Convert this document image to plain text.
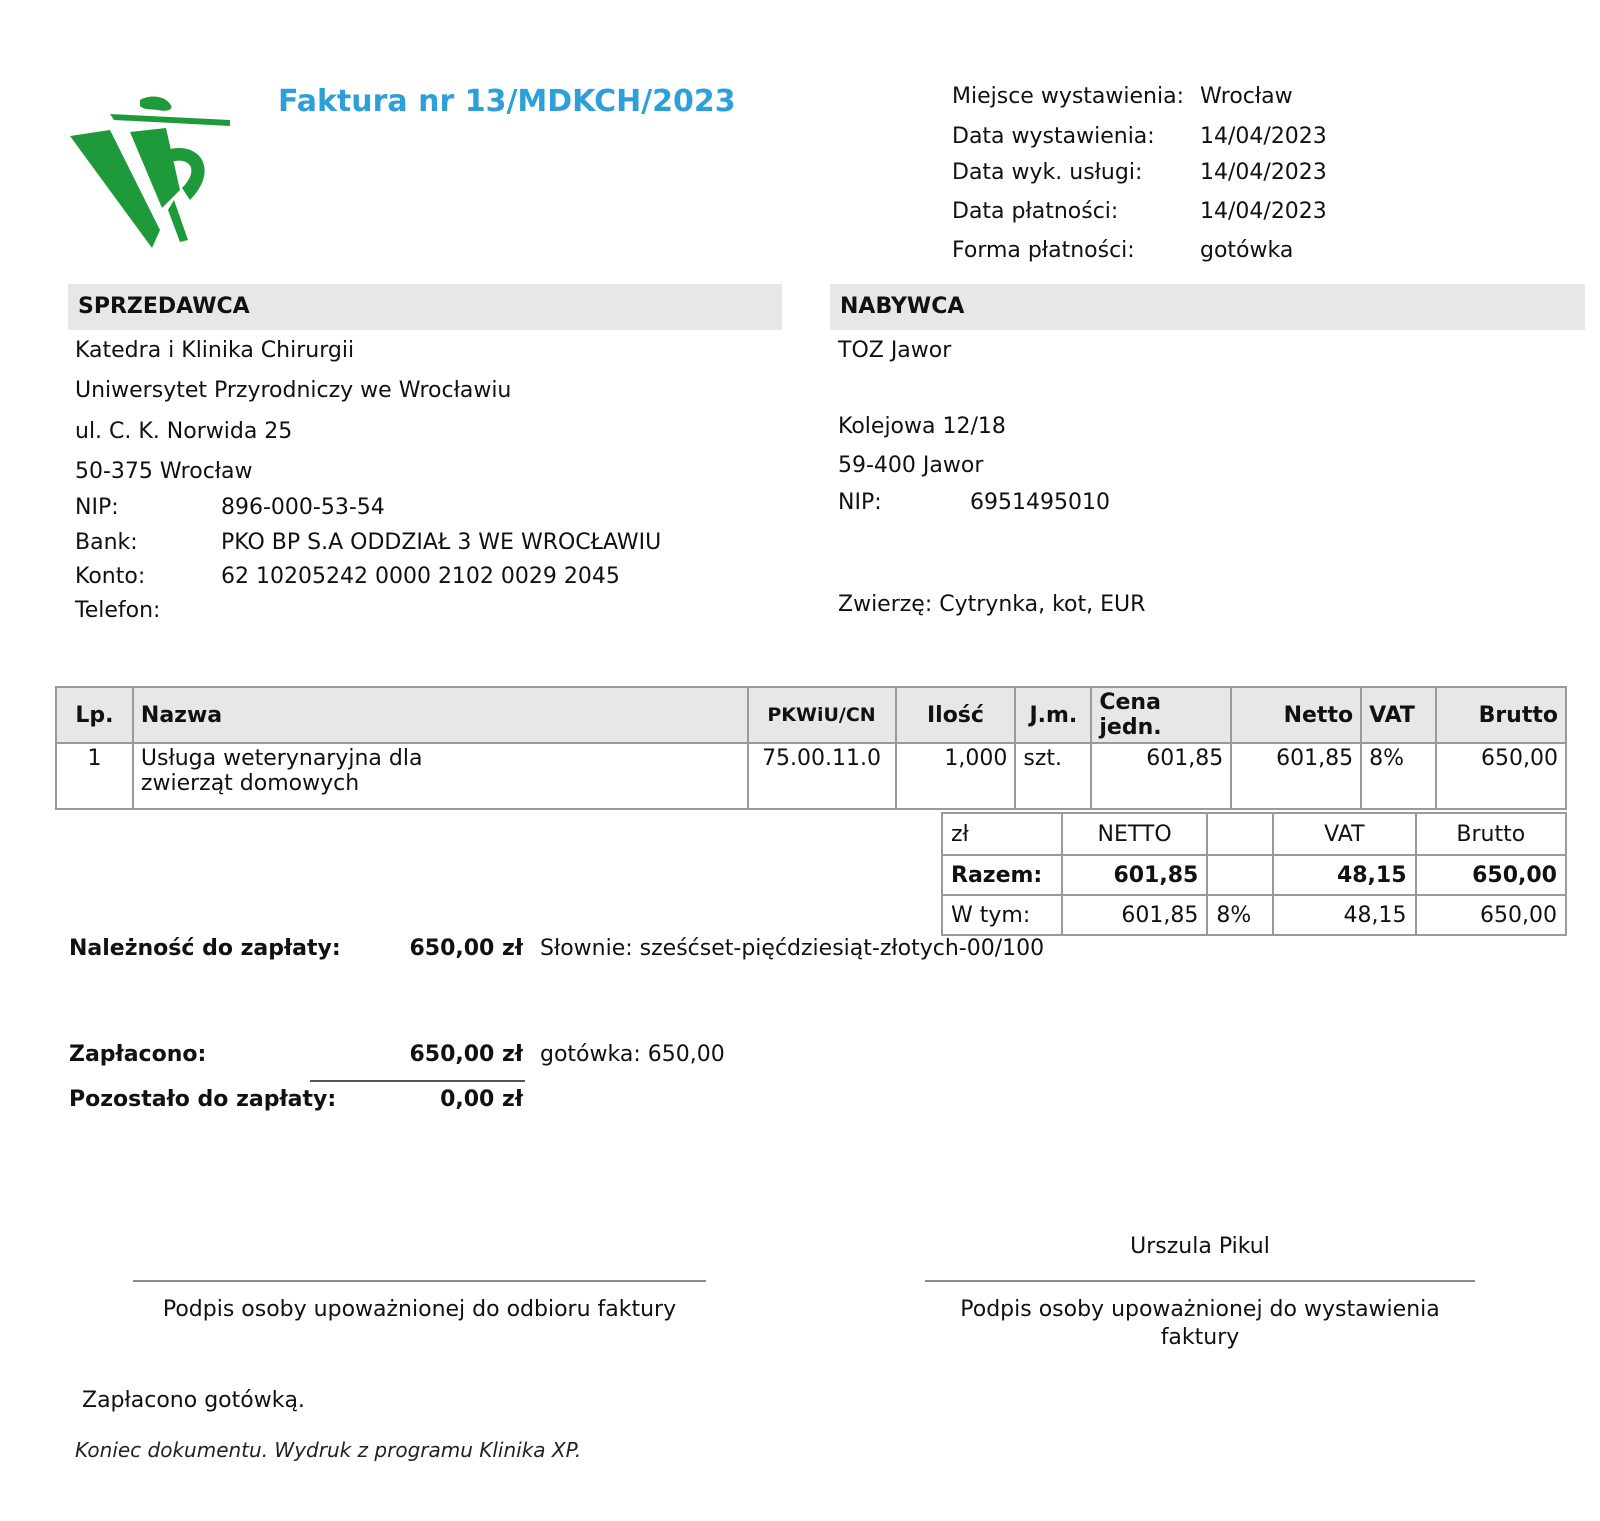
Faktura nr 13/MDKCH/2023	Miejsce wystawienia: Wrocław
Data wystawienia:	14/04/2023
Data wyk. usługi:	14/04/2023
Data płatności:	14/04/2023
Forma płatności:	gotówka
SPRZEDAWCA
Katedra i Klinika Chirurgii
Uniwersytet Przyrodniczy we Wrocławiu
ul. C. K. Norwida 25
50-375 Wrocław
NIP:	896-000-53-54
Bank:	PKO BP S.A ODDZIAŁ 3 WE WROCŁAWIU
Konto:	62 10205242 0000 2102 0029 2045
Telefon:
NABYWCA
TOZ Jawor
Kolejowa 12/18
59-400 Jawor
NIP:	6951495010
Zwierzę: Cytrynka, kot, EUR
Lp.	Nazwa	PKWiU/CN	Ilość	J.m.	Cena jedn.	Netto	VAT	Brutto
1	Usługa weterynaryjna dla
zwierząt domowych	75.00.11.0	1,000	szt.	601,85	601,85	8%	650,00
zł	NETTO		VAT	Brutto
Razem:	601,85		48,15	650,00
W tym:	601,85	8%	48,15	650,00
Należność do zapłaty:	650,00 zł Słownie: sześćset-pięćdziesiąt-złotych-00/100
Zapłacono:	650,00 zł gotówka: 650,00
Pozostało do zapłaty:	0,00 zł
Urszula Pikul
Podpis osoby upoważnionej do odbioru faktury	Podpis osoby upoważnionej do wystawienia faktury
Zapłacono gotówką.
Koniec dokumentu. Wydruk z programu Klinika XP.
